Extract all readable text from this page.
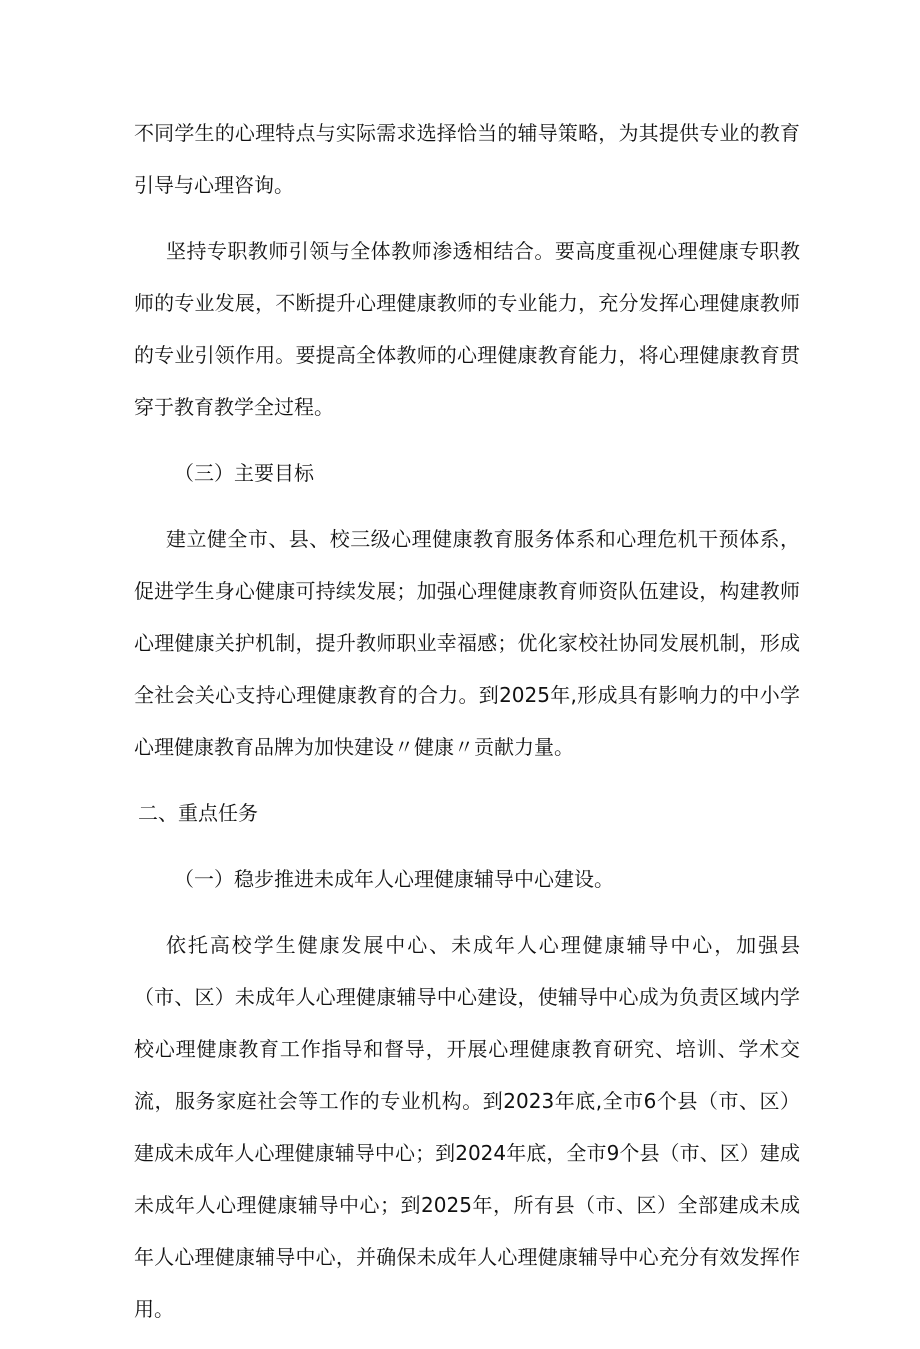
不同学生的心理特点与实际需求选择恰当的辅导策略，为其提供专业的教育引导与心理咨询。

坚持专职教师引领与全体教师渗透相结合。要高度重视心理健康专职教师的专业发展，不断提升心理健康教师的专业能力，充分发挥心理健康教师的专业引领作用。要提高全体教师的心理健康教育能力，将心理健康教育贯穿于教育教学全过程。

（三）主要目标

建立健全市、县、校三级心理健康教育服务体系和心理危机干预体系，促进学生身心健康可持续发展；加强心理健康教育师资队伍建设，构建教师心理健康关护机制，提升教师职业幸福感；优化家校社协同发展机制，形成全社会关心支持心理健康教育的合力。到2025年,形成具有影响力的中小学心理健康教育品牌为加快建设〃健康〃贡献力量。

二、重点任务

（一）稳步推进未成年人心理健康辅导中心建设。

依托高校学生健康发展中心、未成年人心理健康辅导中心，加强县（市、区）未成年人心理健康辅导中心建设，使辅导中心成为负责区域内学校心理健康教育工作指导和督导，开展心理健康教育研究、培训、学术交流，服务家庭社会等工作的专业机构。到2023年底,全市6个县（市、区）建成未成年人心理健康辅导中心；到2024年底，全市9个县（市、区）建成未成年人心理健康辅导中心；到2025年，所有县（市、区）全部建成未成年人心理健康辅导中心，并确保未成年人心理健康辅导中心充分有效发挥作用。
